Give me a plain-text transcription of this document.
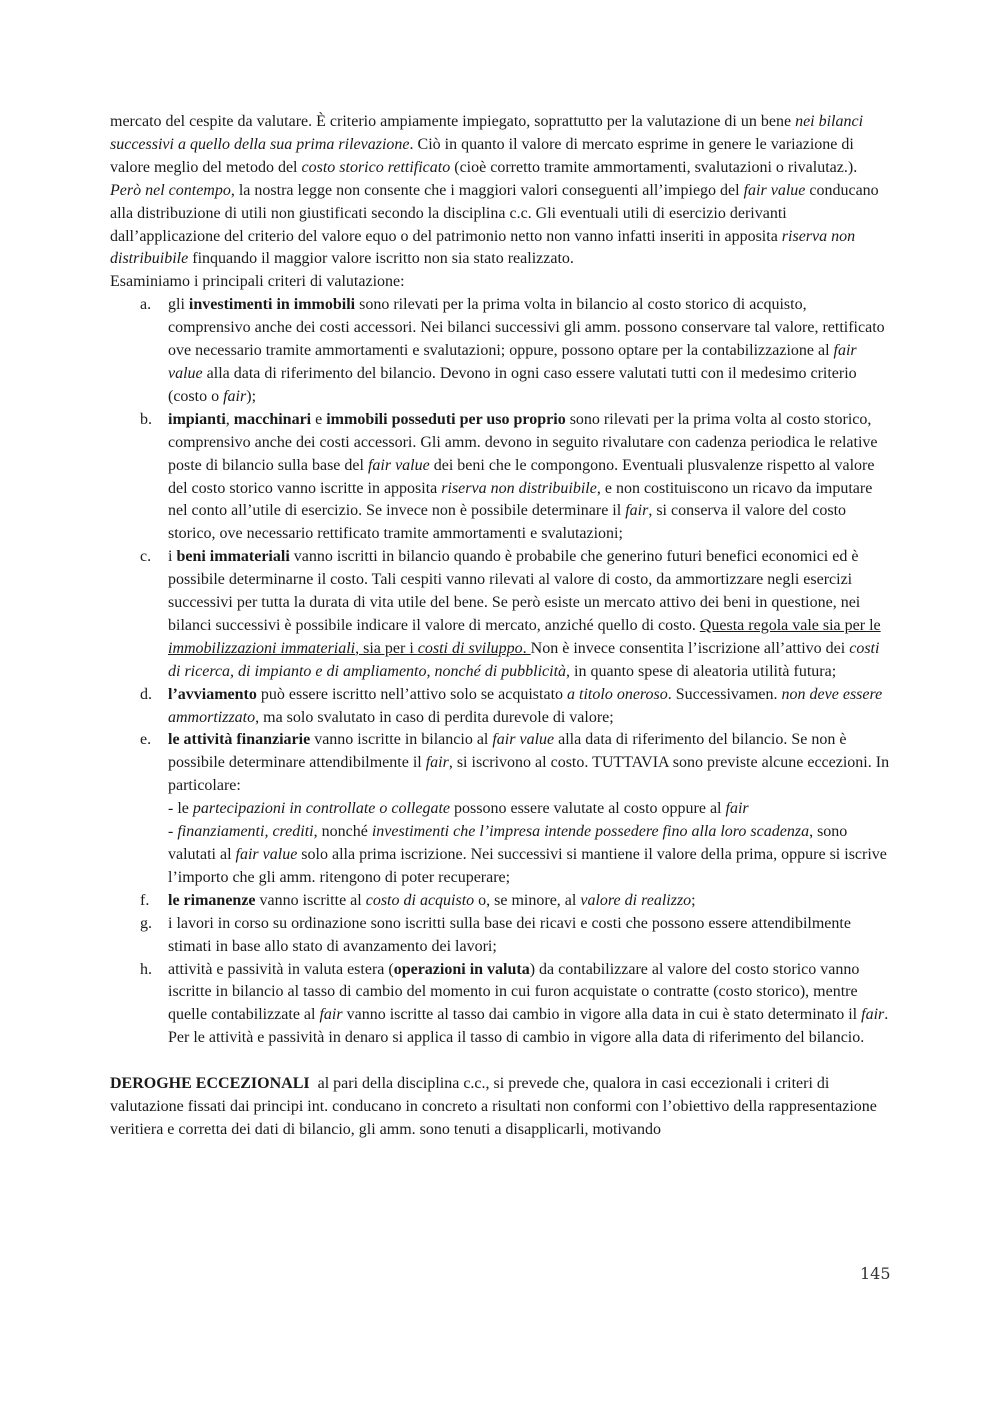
mercato del cespite da valutare. È criterio ampiamente impiegato, soprattutto per la valutazione di un bene nei bilanci successivi a quello della sua prima rilevazione. Ciò in quanto il valore di mercato esprime in genere le variazione di valore meglio del metodo del costo storico rettificato (cioè corretto tramite ammortamenti, svalutazioni o rivalutaz.).

Però nel contempo, la nostra legge non consente che i maggiori valori conseguenti all’impiego del fair value conducano alla distribuzione di utili non giustificati secondo la disciplina c.c. Gli eventuali utili di esercizio derivanti dall’applicazione del criterio del valore equo o del patrimonio netto non vanno infatti inseriti in apposita riserva non distribuibile finquando il maggior valore iscritto non sia stato realizzato.

Esaminiamo i principali criteri di valutazione:

a. gli investimenti in immobili sono rilevati per la prima volta in bilancio al costo storico di acquisto, comprensivo anche dei costi accessori. Nei bilanci successivi gli amm. possono conservare tal valore, rettificato ove necessario tramite ammortamenti e svalutazioni; oppure, possono optare per la contabilizzazione al fair value alla data di riferimento del bilancio. Devono in ogni caso essere valutati tutti con il medesimo criterio (costo o fair);
b. impianti, macchinari e immobili posseduti per uso proprio sono rilevati per la prima volta al costo storico, comprensivo anche dei costi accessori. Gli amm. devono in seguito rivalutare con cadenza periodica le relative poste di bilancio sulla base del fair value dei beni che le compongono. Eventuali plusvalenze rispetto al valore del costo storico vanno iscritte in apposita riserva non distribuibile, e non costituiscono un ricavo da imputare nel conto all’utile di esercizio. Se invece non è possibile determinare il fair, si conserva il valore del costo storico, ove necessario rettificato tramite ammortamenti e svalutazioni;
c. i beni immateriali vanno iscritti in bilancio quando è probabile che generino futuri benefici economici ed è possibile determinarne il costo. Tali cespiti vanno rilevati al valore di costo, da ammortizzare negli esercizi successivi per tutta la durata di vita utile del bene. Se però esiste un mercato attivo dei beni in questione, nei bilanci successivi è possibile indicare il valore di mercato, anziché quello di costo. Questa regola vale sia per le immobilizzazioni immateriali, sia per i costi di sviluppo. Non è invece consentita l’iscrizione all’attivo dei costi di ricerca, di impianto e di ampliamento, nonché di pubblicità, in quanto spese di aleatoria utilità futura;
d. l’avviamento può essere iscritto nell’attivo solo se acquistato a titolo oneroso. Successivamen. non deve essere ammortizzato, ma solo svalutato in caso di perdita durevole di valore;
e. le attività finanziarie vanno iscritte in bilancio al fair value alla data di riferimento del bilancio. Se non è possibile determinare attendibilmente il fair, si iscrivono al costo. TUTTAVIA sono previste alcune eccezioni. In particolare:
- le partecipazioni in controllate o collegate possono essere valutate al costo oppure al fair
- finanziamenti, crediti, nonché investimenti che l’impresa intende possedere fino alla loro scadenza, sono valutati al fair value solo alla prima iscrizione. Nei successivi si mantiene il valore della prima, oppure si iscrive l’importo che gli amm. ritengono di poter recuperare;
f. le rimanenze vanno iscritte al costo di acquisto o, se minore, al valore di realizzo;
g. i lavori in corso su ordinazione sono iscritti sulla base dei ricavi e costi che possono essere attendibilmente stimati in base allo stato di avanzamento dei lavori;
h. attività e passività in valuta estera (operazioni in valuta) da contabilizzare al valore del costo storico vanno iscritte in bilancio al tasso di cambio del momento in cui furon acquistate o contratte (costo storico), mentre quelle contabilizzate al fair vanno iscritte al tasso dai cambio in vigore alla data in cui è stato determinato il fair. Per le attività e passività in denaro si applica il tasso di cambio in vigore alla data di riferimento del bilancio.

DEROGHE ECCEZIONALI  al pari della disciplina c.c., si prevede che, qualora in casi eccezionali i criteri di valutazione fissati dai principi int. conducano in concreto a risultati non conformi con l’obiettivo della rappresentazione veritiera e corretta dei dati di bilancio, gli amm. sono tenuti a disapplicarli, motivando

145
